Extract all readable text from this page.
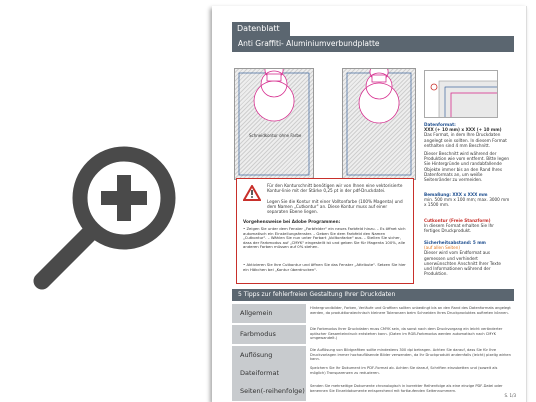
Datenblatt
Anti Graffiti- Aluminiumverbundplatte
Schneidkontur ohne Farbe
Datenformat:
XXX (+ 10 mm) x XXX (+ 10 mm)
Das Format, in dem Ihre Druckdaten angelegt sein sollten. In diesem Format enthalten sind 4 mm Beschnitt.
Dieser Beschnitt wird während der Produktion wie vom entfernt. Bitte legen Sie Hintergründe und randabfallende Objekte immer bis an den Rand Ihres Datenformats an, um weiße Seitenränder zu vermeiden.
Bemaßung: XXX x XXX mm
min. 500 mm x 100 mm; max. 3000 mm x 1500 mm.
Cutkontur (Freie Stanzform)
In diesem Format erhalten Sie Ihr fertiges Druckprodukt.
Sicherheitsabstand: 5 mm
(auf allen Seiten)
Dieser wird vom Endformat aus gemessen und verhindert unerwünschten Anschnitt Ihrer Texte und Informationen während der Produktion.
Für den Konturschnitt benötigen wir von Ihnen eine vektorisierte Kontur-linie mit der Stärke 0,25 pt in der pdf-Druckdatei.
Legen Sie die Kontur mit einer Volltonfarbe (100% Magenta) und dem Namen „Cutkontur" an. Diese Kontur muss auf einer separaten Ebene liegen.
Vorgehensweise bei Adobe Programmen:
• Zeigen Sie unter dem Fenster „Farbfelder" ein neues Farbfeld hinzu. – Es öffnet sich automatisch ein Einstellungsfenster. – Geben Sie dem Farbfeld den Namen „Cutkontur". – Wählen Sie nun unter Farbart „Volltonfarbe" aus. – Stellen Sie sicher, dass der Farbmodus auf „CMYK" eingestellt ist und geben Sie für Magenta 100%, alle anderen Farben müssen auf 0% stehen.
• Aktivieren Sie Ihre Cutkontur und öffnen Sie das Fenster „Attribute". Setzen Sie hier ein Häkchen bei „Kontur überdrucken".
5 Tipps zur fehlerfreien Gestaltung Ihrer Druckdaten
Allgemein
Hintergrundbilder, Farben, Verläufe und Grafiken sollten unbedingt bis an den Rand des Datenformats angelegt werden, da produktionstechnisch kleinere Toleranzen beim Schneiden Ihres Druckproduktes auftreten können.
Farbmodus
Die Farbmodus Ihrer Druckdaten muss CMYK sein, da sonst nach dem Druckvorgang ein leicht veränderter optischer Gesamteindruck entstehen kann. (Daten im RGB-Farbmodus werden automatisch nach CMYK umgewandelt.)
Auflösung
Die Auflösung von Bildgrafiken sollte mindestens 300 dpi betragen. Achten Sie darauf, dass Sie für Ihre Druckvorlagen immer hochauflösende Bilder verwenden, da Ihr Druckprodukt andernfalls (leicht) pixelig wirken kann.
Dateiformat
Speichern Sie Ihr Dokument im PDF-Format ab. Achten Sie darauf, Schriften einzubetten und (soweit als möglich) Transparenzen zu reduzieren.
Seiten(-reihenfolge)
Senden Sie mehrseitige Dokumente chronologisch in korrekter Reihenfolge als eine einzige PDF-Datei oder benennen Sie Einzeldokumente entsprechend mit fortlaufenden Seitennummern.
S. 1/3
